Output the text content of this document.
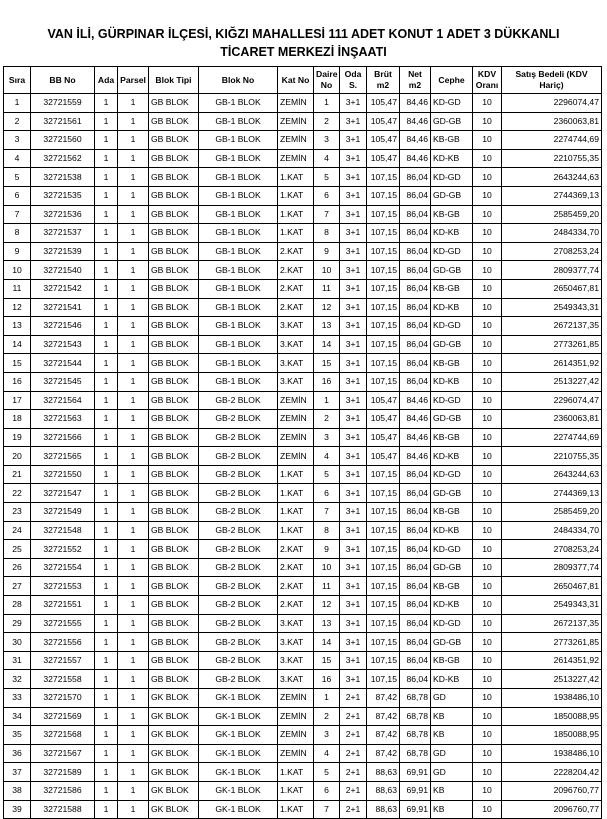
VAN İLİ, GÜRPINAR İLÇESİ, KIĞZI MAHALLESİ 111 ADET KONUT 1 ADET 3 DÜKKANLI
TİCARET MERKEZİ İNŞAATI
Sıra	BB No	Ada	Parsel	Blok Tipi	Blok No	Kat No	Daire No	Oda S.	Brüt m2	Net m2	Cephe	KDV Oranı	Satış Bedeli (KDV Hariç)
1	32721559	1	1	GB BLOK	GB-1 BLOK	ZEMİN	1	3+1	105,47	84,46	KD-GD	10	2296074,47
2	32721561	1	1	GB BLOK	GB-1 BLOK	ZEMİN	2	3+1	105,47	84,46	GD-GB	10	2360063,81
3	32721560	1	1	GB BLOK	GB-1 BLOK	ZEMİN	3	3+1	105,47	84,46	KB-GB	10	2274744,69
4	32721562	1	1	GB BLOK	GB-1 BLOK	ZEMİN	4	3+1	105,47	84,46	KD-KB	10	2210755,35
5	32721538	1	1	GB BLOK	GB-1 BLOK	1.KAT	5	3+1	107,15	86,04	KD-GD	10	2643244,63
6	32721535	1	1	GB BLOK	GB-1 BLOK	1.KAT	6	3+1	107,15	86,04	GD-GB	10	2744369,13
7	32721536	1	1	GB BLOK	GB-1 BLOK	1.KAT	7	3+1	107,15	86,04	KB-GB	10	2585459,20
8	32721537	1	1	GB BLOK	GB-1 BLOK	1.KAT	8	3+1	107,15	86,04	KD-KB	10	2484334,70
9	32721539	1	1	GB BLOK	GB-1 BLOK	2.KAT	9	3+1	107,15	86,04	KD-GD	10	2708253,24
10	32721540	1	1	GB BLOK	GB-1 BLOK	2.KAT	10	3+1	107,15	86,04	GD-GB	10	2809377,74
11	32721542	1	1	GB BLOK	GB-1 BLOK	2.KAT	11	3+1	107,15	86,04	KB-GB	10	2650467,81
12	32721541	1	1	GB BLOK	GB-1 BLOK	2.KAT	12	3+1	107,15	86,04	KD-KB	10	2549343,31
13	32721546	1	1	GB BLOK	GB-1 BLOK	3.KAT	13	3+1	107,15	86,04	KD-GD	10	2672137,35
14	32721543	1	1	GB BLOK	GB-1 BLOK	3.KAT	14	3+1	107,15	86,04	GD-GB	10	2773261,85
15	32721544	1	1	GB BLOK	GB-1 BLOK	3.KAT	15	3+1	107,15	86,04	KB-GB	10	2614351,92
16	32721545	1	1	GB BLOK	GB-1 BLOK	3.KAT	16	3+1	107,15	86,04	KD-KB	10	2513227,42
17	32721564	1	1	GB BLOK	GB-2 BLOK	ZEMİN	1	3+1	105,47	84,46	KD-GD	10	2296074,47
18	32721563	1	1	GB BLOK	GB-2 BLOK	ZEMİN	2	3+1	105,47	84,46	GD-GB	10	2360063,81
19	32721566	1	1	GB BLOK	GB-2 BLOK	ZEMİN	3	3+1	105,47	84,46	KB-GB	10	2274744,69
20	32721565	1	1	GB BLOK	GB-2 BLOK	ZEMİN	4	3+1	105,47	84,46	KD-KB	10	2210755,35
21	32721550	1	1	GB BLOK	GB-2 BLOK	1.KAT	5	3+1	107,15	86,04	KD-GD	10	2643244,63
22	32721547	1	1	GB BLOK	GB-2 BLOK	1.KAT	6	3+1	107,15	86,04	GD-GB	10	2744369,13
23	32721549	1	1	GB BLOK	GB-2 BLOK	1.KAT	7	3+1	107,15	86,04	KB-GB	10	2585459,20
24	32721548	1	1	GB BLOK	GB-2 BLOK	1.KAT	8	3+1	107,15	86,04	KD-KB	10	2484334,70
25	32721552	1	1	GB BLOK	GB-2 BLOK	2.KAT	9	3+1	107,15	86,04	KD-GD	10	2708253,24
26	32721554	1	1	GB BLOK	GB-2 BLOK	2.KAT	10	3+1	107,15	86,04	GD-GB	10	2809377,74
27	32721553	1	1	GB BLOK	GB-2 BLOK	2.KAT	11	3+1	107,15	86,04	KB-GB	10	2650467,81
28	32721551	1	1	GB BLOK	GB-2 BLOK	2.KAT	12	3+1	107,15	86,04	KD-KB	10	2549343,31
29	32721555	1	1	GB BLOK	GB-2 BLOK	3.KAT	13	3+1	107,15	86,04	KD-GD	10	2672137,35
30	32721556	1	1	GB BLOK	GB-2 BLOK	3.KAT	14	3+1	107,15	86,04	GD-GB	10	2773261,85
31	32721557	1	1	GB BLOK	GB-2 BLOK	3.KAT	15	3+1	107,15	86,04	KB-GB	10	2614351,92
32	32721558	1	1	GB BLOK	GB-2 BLOK	3.KAT	16	3+1	107,15	86,04	KD-KB	10	2513227,42
33	32721570	1	1	GK BLOK	GK-1 BLOK	ZEMİN	1	2+1	87,42	68,78	GD	10	1938486,10
34	32721569	1	1	GK BLOK	GK-1 BLOK	ZEMİN	2	2+1	87,42	68,78	KB	10	1850088,95
35	32721568	1	1	GK BLOK	GK-1 BLOK	ZEMİN	3	2+1	87,42	68,78	KB	10	1850088,95
36	32721567	1	1	GK BLOK	GK-1 BLOK	ZEMİN	4	2+1	87,42	68,78	GD	10	1938486,10
37	32721589	1	1	GK BLOK	GK-1 BLOK	1.KAT	5	2+1	88,63	69,91	GD	10	2228204,42
38	32721586	1	1	GK BLOK	GK-1 BLOK	1.KAT	6	2+1	88,63	69,91	KB	10	2096760,77
39	32721588	1	1	GK BLOK	GK-1 BLOK	1.KAT	7	2+1	88,63	69,91	KB	10	2096760,77
